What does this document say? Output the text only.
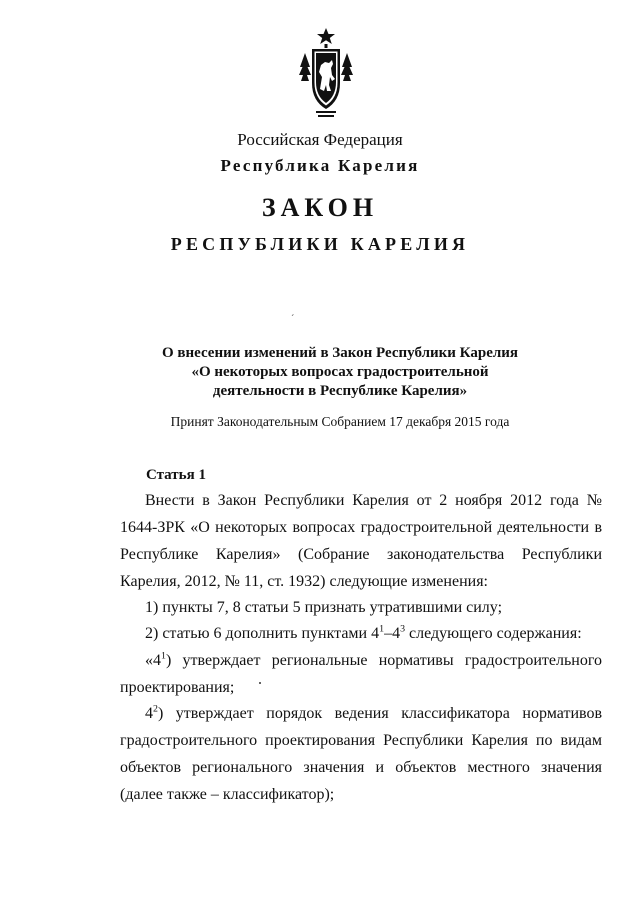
Российская Федерация
Республика Карелия
ЗАКОН
РЕСПУБЛИКИ КАРЕЛИЯ
´
О внесении изменений в Закон Республики Карелия
«О некоторых вопросах градостроительной
деятельности в Республике Карелия»
Принят Законодательным Собранием 17 декабря 2015 года
Статья 1
Внести в Закон Республики Карелия от 2 ноября 2012 года № 1644-ЗРК «О некоторых вопросах градостроительной деятельности в Республике Карелия» (Собрание законодательства Республики Карелия, 2012, № 11, ст. 1932) следующие изменения:
1) пункты 7, 8 статьи 5 признать утратившими силу;
2) статью 6 дополнить пунктами $4^1-4^3$ следующего содержания:
«$4^1$) утверждает региональные нормативы градостроительного проектирования;
$4^2$) утверждает порядок ведения классификатора нормативов градостроительного проектирования Республики Карелия по видам объектов регионального значения и объектов местного значения (далее также – классификатор);
